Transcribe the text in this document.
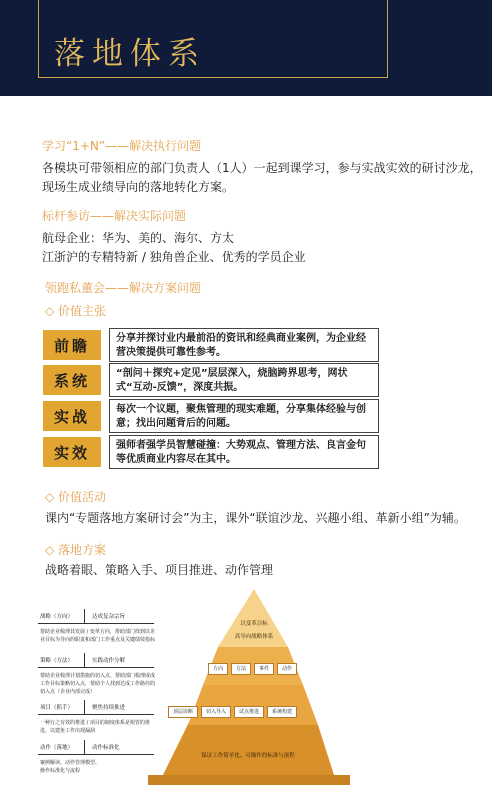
落地体系
学习“1+N”——解决执行问题
各模块可带领相应的部门负责人（1人）一起到课学习，参与实战实效的研讨沙龙，
现场生成业绩导向的落地转化方案。
标杆参访——解决实际问题
航母企业：华为、美的、海尔、方太
江浙沪的专精特新 / 独角兽企业、优秀的学员企业
领跑私董会——解决方案问题
◇ 价值主张
前瞻	分享并探讨业内最前沿的资讯和经典商业案例，为企业经营决策提供可靠性参考。
系统	“剖问＋探究+定见”层层深入，烧脑跨界思考，网状式“互动-反馈”，深度共振。
实战	每次一个议题，聚焦管理的现实难题，分享集体经验与创意；找出问题背后的问题。
实效	强师者强学员智慧碰撞：大势观点、管理方法、良言金句等优质商业内容尽在其中。
◇ 价值活动
课内“专题落地方案研讨会”为主，课外“联谊沙龙、兴趣小组、革新小组”为辅。
◇ 落地方案
战略着眼、策略入手、项目推进、动作管理
战略（方向）	达成复杂宗旨
帮助企业梳理其发展 / 变革方向，帮助部门找到以企业目标为导向的职责和部门工作重点及关键绩效指标
策略（方法）	实践动作分解
帮助企业梳理计划措施的切入点，帮助部门梳理或成工作目标策略切入点，帮助个人找到达成工作路径的切入点（企业内部完成）
项目（抓手）	聚焦持续推进
一种行之有效的推进 / 项目的制度体系是根管的推进，以建免工作出现漏洞
动作（落地）	动作标准化
案例解读、动作管理模型、操作标准化与流程
以变革目标
高导向战略体系
方向	方法	事件	动作
顶层诊断	切入导入	试点推进	系统构建
保证工作简单化、可操作的标准与流程
